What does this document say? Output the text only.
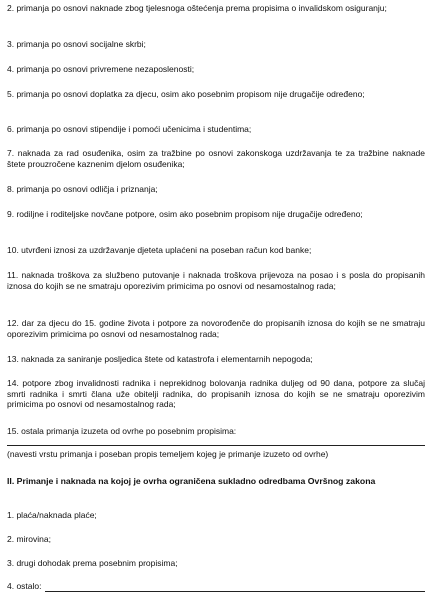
2. primanja po osnovi naknade zbog tjelesnoga oštećenja prema propisima o invalidskom osiguranju;

3. primanja po osnovi socijalne skrbi;

4. primanja po osnovi privremene nezaposlenosti;

5. primanja po osnovi doplatka za djecu, osim ako posebnim propisom nije drugačije određeno;

6. primanja po osnovi stipendije i pomoći učenicima i studentima;

7. naknada za rad osuđenika, osim za tražbine po osnovi zakonskoga uzdržavanja te za tražbine naknade štete prouzročene kaznenim djelom osuđenika;

8. primanja po osnovi odličja i priznanja;

9. rodiljne i roditeljske novčane potpore, osim ako posebnim propisom nije drugačije određeno;

10. utvrđeni iznosi za uzdržavanje djeteta uplaćeni na poseban račun kod banke;

11. naknada troškova za službeno putovanje i naknada troškova prijevoza na posao i s posla do propisanih iznosa do kojih se ne smatraju oporezivim primicima po osnovi od nesamostalnog rada;

12. dar za djecu do 15. godine života i potpore za novorođenče do propisanih iznosa do kojih se ne smatraju oporezivim primicima po osnovi od nesamostalnog rada;

13. naknada za saniranje posljedica štete od katastrofa i elementarnih nepogoda;

14. potpore zbog invalidnosti radnika i neprekidnog bolovanja radnika duljeg od 90 dana, potpore za slučaj smrti radnika i smrti člana uže obitelji radnika, do propisanih iznosa do kojih se ne smatraju oporezivim primicima po osnovi od nesamostalnog rada;

15. ostala primanja izuzeta od ovrhe po posebnim propisima:

(navesti vrstu primanja i poseban propis temeljem kojeg je primanje izuzeto od ovrhe)

II. Primanje i naknada na kojoj je ovrha ograničena sukladno odredbama Ovršnog zakona

1. plaća/naknada plaće;

2. mirovina;

3. drugi dohodak prema posebnim propisima;

4. ostalo:
